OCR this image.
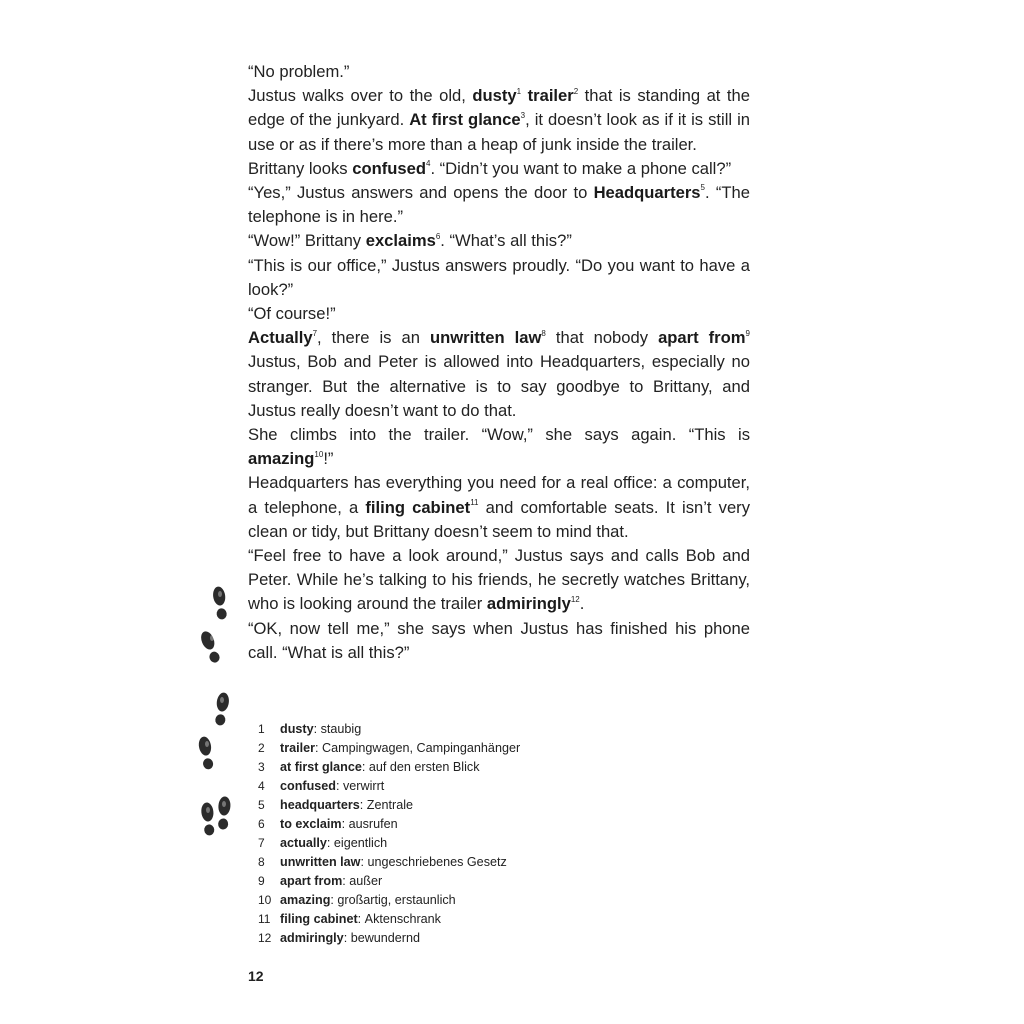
“No problem.”

Justus walks over to the old, dusty$^1$ trailer$^2$ that is standing at the edge of the junkyard. At first glance$^3$, it doesn’t look as if it is still in use or as if there’s more than a heap of junk inside the trailer.

Brittany looks confused$^4$. “Didn’t you want to make a phone call?”

“Yes,” Justus answers and opens the door to Headquarters$^5$. “The telephone is in here.”

“Wow!” Brittany exclaims$^6$. “What’s all this?”

“This is our office,” Justus answers proudly. “Do you want to have a look?”

“Of course!”

Actually$^7$, there is an unwritten law$^8$ that nobody apart from$^9$ Justus, Bob and Peter is allowed into Headquarters, especially no stranger. But the alternative is to say goodbye to Brittany, and Justus really doesn’t want to do that.

She climbs into the trailer. “Wow,” she says again. “This is amazing$^{10}$!”

Headquarters has everything you need for a real office: a computer, a telephone, a filing cabinet$^{11}$ and comfortable seats. It isn’t very clean or tidy, but Brittany doesn’t seem to mind that.

“Feel free to have a look around,” Justus says and calls Bob and Peter. While he’s talking to his friends, he secretly watches Brittany, who is looking around the trailer admiringly$^{12}$.

“OK, now tell me,” she says when Justus has finished his phone call. “What is all this?”

1	dusty : staubig
2	trailer : Campingwagen, Campinganhänger
3	at first glance : auf den ersten Blick
4	confused : verwirrt
5	headquarters : Zentrale
6	to exclaim : ausrufen
7	actually : eigentlich
8	unwritten law : ungeschriebenes Gesetz
9	apart from : außer
10 amazing : großartig, erstaunlich
11 filing cabinet : Aktenschrank
12 admiringly : bewundernd
12
